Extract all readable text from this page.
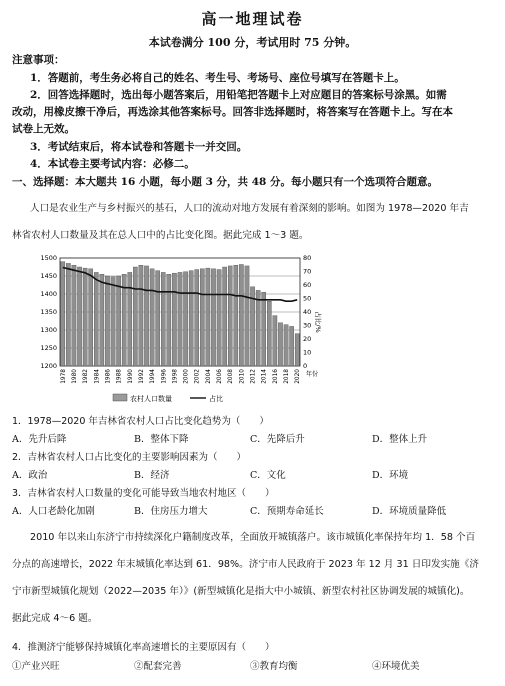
高一地理试卷
本试卷满分 100 分，考试用时 75 分钟。
注意事项：
1．答题前，考生务必将自己的姓名、考生号、考场号、座位号填写在答题卡上。
2．回答选择题时，选出每小题答案后，用铅笔把答题卡上对应题目的答案标号涂黑。如需
改动，用橡皮擦干净后，再选涂其他答案标号。回答非选择题时，将答案写在答题卡上。写在本
试卷上无效。
3．考试结束后，将本试卷和答题卡一并交回。
4．本试卷主要考试内容：必修二。
一、选择题：本大题共 16 小题，每小题 3 分，共 48 分。每小题只有一个选项符合题意。
人口是农业生产与乡村振兴的基石，人口的流动对地方发展有着深刻的影响。如图为 1978—2020 年吉
林省农村人口数量及其在总人口中的占比变化图。据此完成 1～3 题。
1500
1450
1400
1350
1300
1250
1200
80
70
60
50
40
30
20
10
0
1978 1980 1982 1984 1986 1988 1990 1992 1994 1996 1998 2000 2002 2004 2006 2008 2010 2012 2014 2016 2018 2020
占比/%
年份
农村人口数量	占比
1．1978—2020 年吉林省农村人口占比变化趋势为（　　）
A．先升后降	B．整体下降	C．先降后升	D．整体上升
2．吉林省农村人口占比变化的主要影响因素为（　　）
A．政治	B．经济	C．文化	D．环境
3．吉林省农村人口数量的变化可能导致当地农村地区（　　）
A．人口老龄化加剧	B．住房压力增大	C．预期寿命延长	D．环境质量降低
2010 年以来山东济宁市持续深化户籍制度改革，全面放开城镇落户。该市城镇化率保持年均 1．58 个百
分点的高速增长，2022 年末城镇化率达到 61．98%。济宁市人民政府于 2023 年 12 月 31 日印发实施《济
宁市新型城镇化规划（2022—2035 年）》(新型城镇化是指大中小城镇、新型农村社区协调发展的城镇化)。
据此完成 4～6 题。
4．推测济宁能够保持城镇化率高速增长的主要原因有（　　）
①产业兴旺	②配套完善	③教育均衡	④环境优美
